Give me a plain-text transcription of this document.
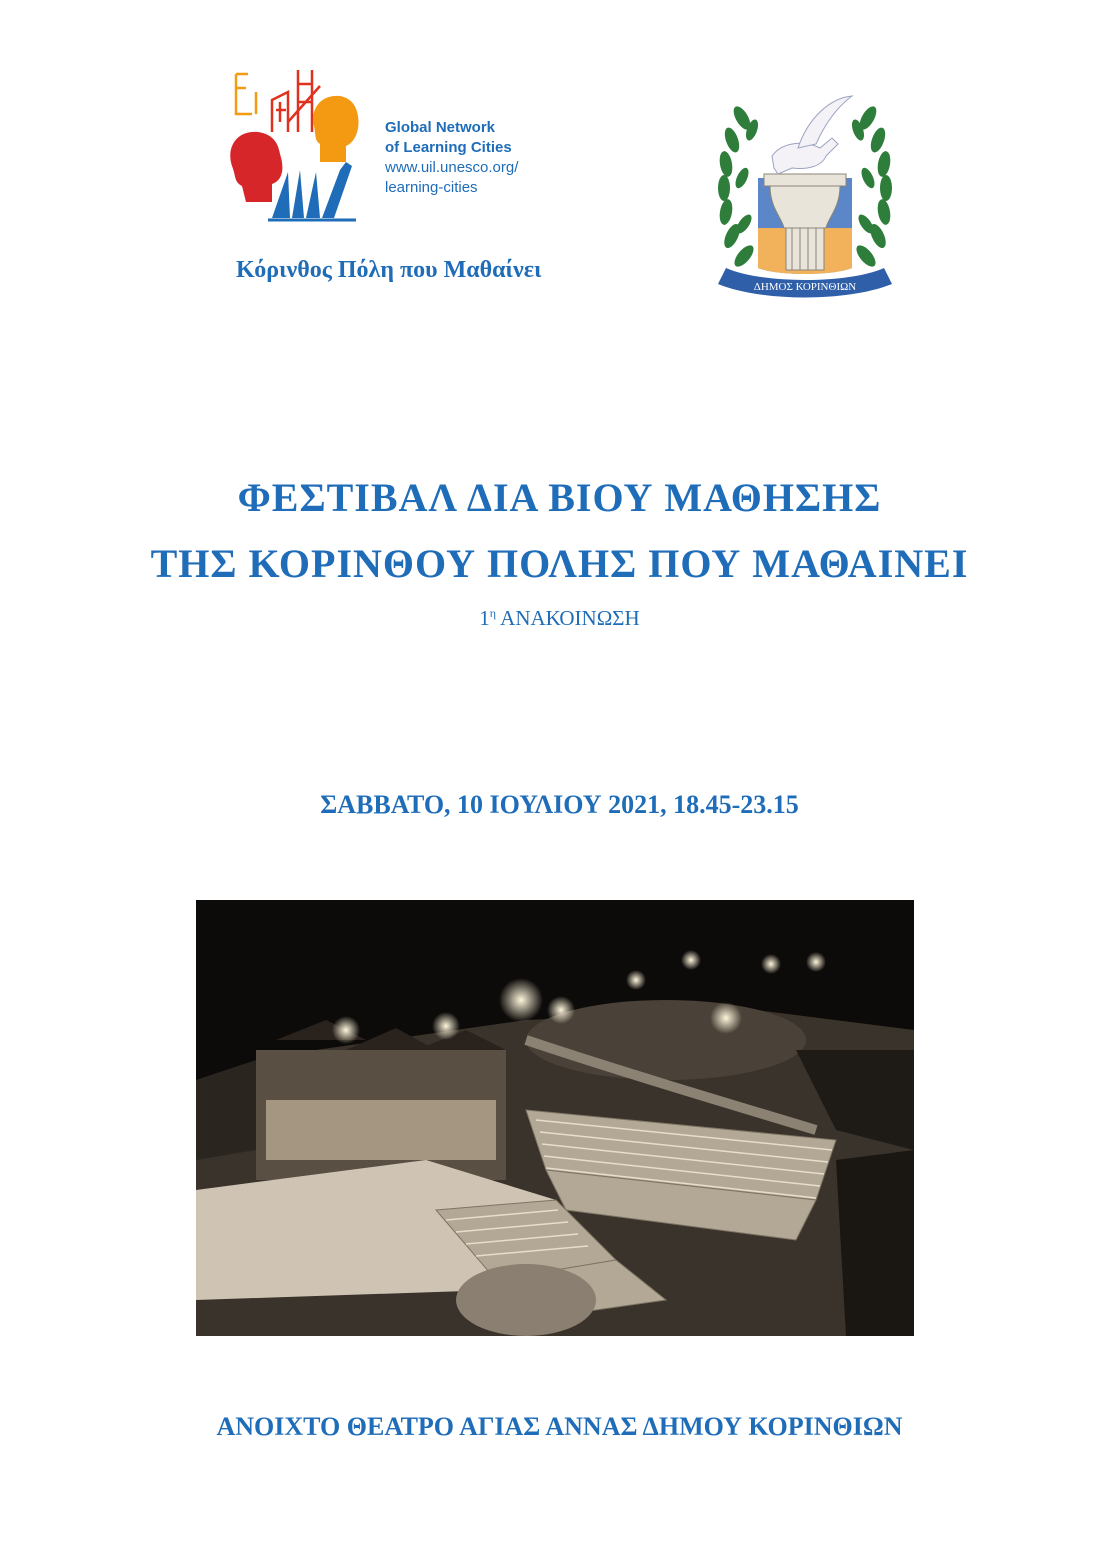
Global Network
of Learning Cities
www.uil.unesco.org/
learning-cities
Κόρινθος Πόλη που Μαθαίνει
ΔΗΜΟΣ ΚΟΡΙΝΘΙΩΝ
ΦΕΣΤΙΒΑΛ ΔΙΑ ΒΙΟΥ ΜΑΘΗΣΗΣ
ΤΗΣ ΚΟΡΙΝΘΟΥ ΠΟΛΗΣ ΠΟΥ ΜΑΘΑΙΝΕΙ
$1^\eta$ ΑΝΑΚΟΙΝΩΣΗ
ΣΑΒΒΑΤΟ, 10 ΙΟΥΛΙΟΥ 2021, 18.45-23.15
ΑΝΟΙΧΤΟ ΘΕΑΤΡΟ ΑΓΙΑΣ ΑΝΝΑΣ ΔΗΜΟΥ ΚΟΡΙΝΘΙΩΝ
